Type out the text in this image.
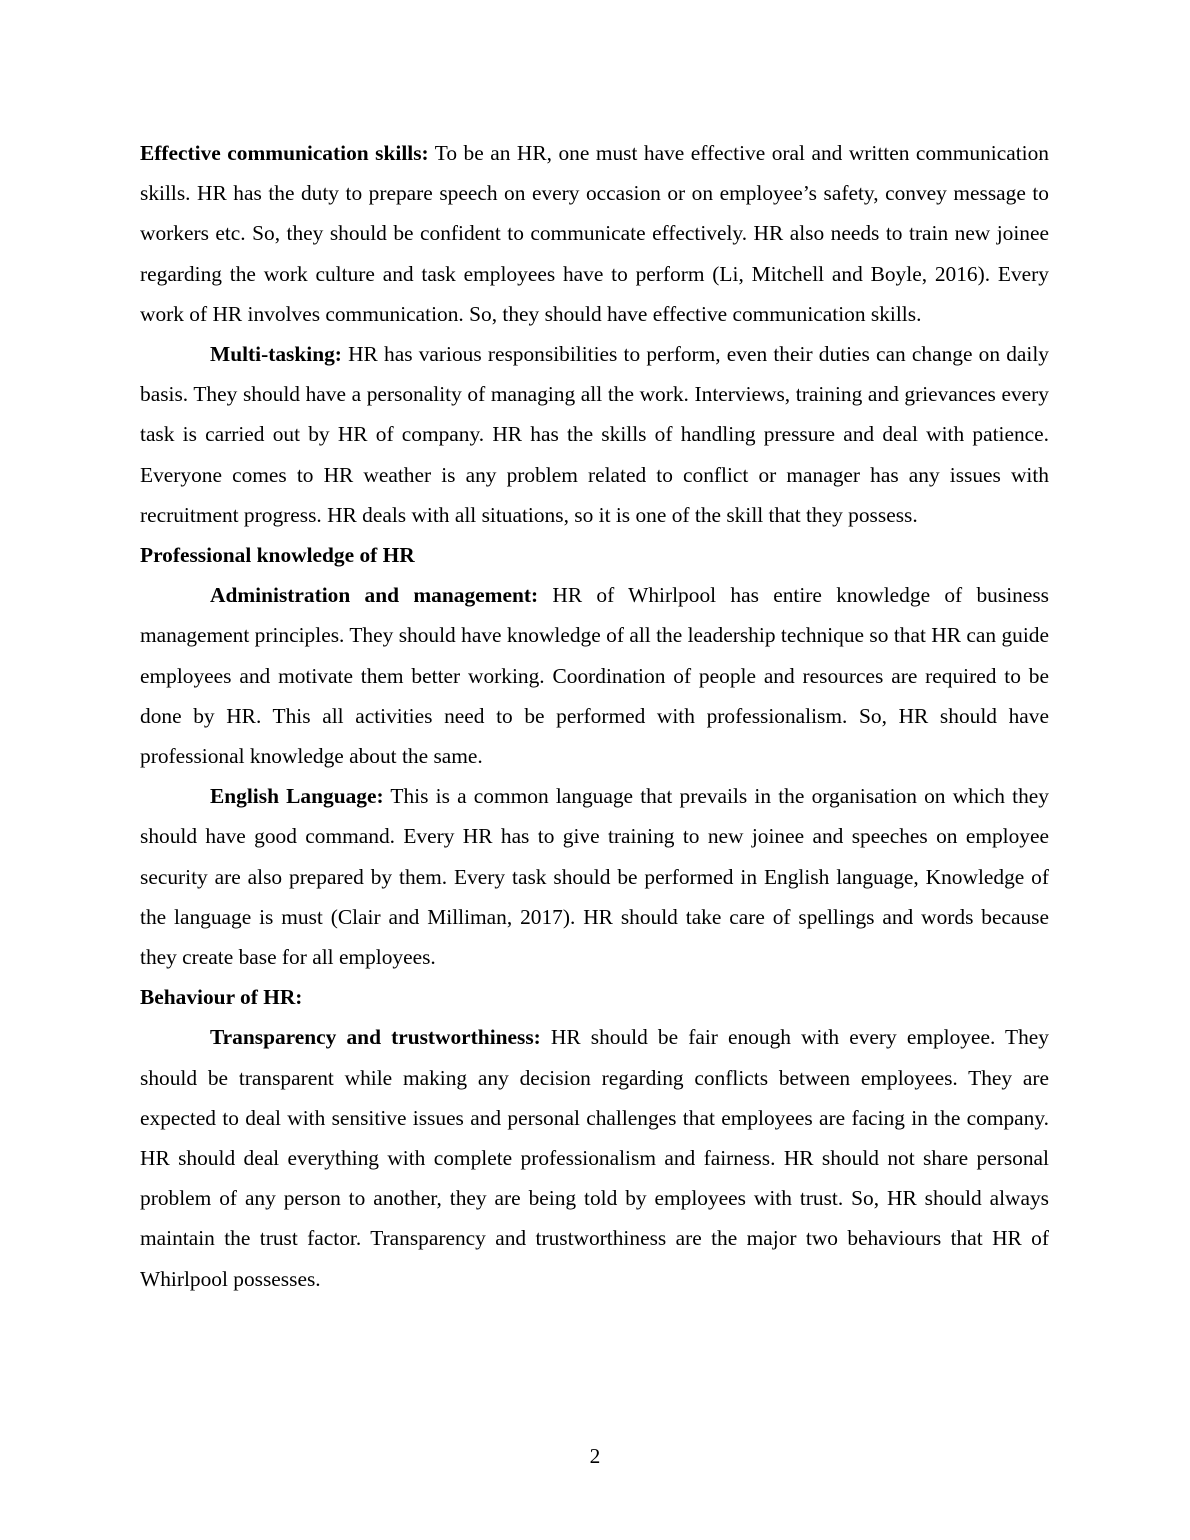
Effective communication skills: To be an HR, one must have effective oral and written communication skills. HR has the duty to prepare speech on every occasion or on employee’s safety, convey message to workers etc. So, they should be confident to communicate effectively. HR also needs to train new joinee regarding the work culture and task employees have to perform (Li, Mitchell and Boyle, 2016). Every work of HR involves communication. So, they should have effective communication skills.

Multi-tasking: HR has various responsibilities to perform, even their duties can change on daily basis. They should have a personality of managing all the work. Interviews, training and grievances every task is carried out by HR of company. HR has the skills of handling pressure and deal with patience. Everyone comes to HR weather is any problem related to conflict or manager has any issues with recruitment progress. HR deals with all situations, so it is one of the skill that they possess.

Professional knowledge of HR

Administration and management: HR of Whirlpool has entire knowledge of business management principles. They should have knowledge of all the leadership technique so that HR can guide employees and motivate them better working. Coordination of people and resources are required to be done by HR. This all activities need to be performed with professionalism. So, HR should have professional knowledge about the same.

English Language: This is a common language that prevails in the organisation on which they should have good command. Every HR has to give training to new joinee and speeches on employee security are also prepared by them. Every task should be performed in English language, Knowledge of the language is must (Clair and Milliman, 2017). HR should take care of spellings and words because they create base for all employees.

Behaviour of HR:

Transparency and trustworthiness: HR should be fair enough with every employee. They should be transparent while making any decision regarding conflicts between employees. They are expected to deal with sensitive issues and personal challenges that employees are facing in the company. HR should deal everything with complete professionalism and fairness. HR should not share personal problem of any person to another, they are being told by employees with trust. So, HR should always maintain the trust factor. Transparency and trustworthiness are the major two behaviours that HR of Whirlpool possesses.

2
